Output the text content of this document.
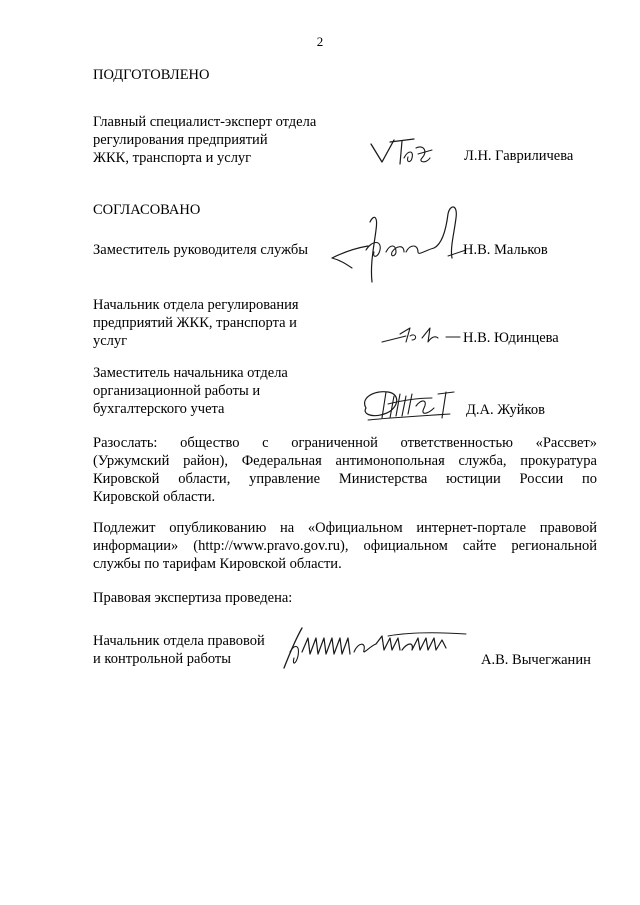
2
ПОДГОТОВЛЕНО
Главный специалист-эксперт отдела
регулирования предприятий
ЖКК, транспорта и услуг	Л.Н. Гавриличева
СОГЛАСОВАНО
Заместитель руководителя службы	Н.В. Мальков
Начальник отдела регулирования
предприятий ЖКК, транспорта и
услуг	Н.В. Юдинцева
Заместитель начальника отдела
организационной работы и
бухгалтерского учета	Д.А. Жуйков
Разослать: общество с ограниченной ответственностью «Рассвет»
(Уржумский район), Федеральная антимонопольная служба, прокуратура
Кировской области, управление Министерства юстиции России по
Кировской области.
Подлежит опубликованию на «Официальном интернет-портале правовой
информации» (http://www.pravo.gov.ru), официальном сайте региональной
службы по тарифам Кировской области.
Правовая экспертиза проведена:
Начальник отдела правовой
и контрольной работы	А.В. Вычегжанин
